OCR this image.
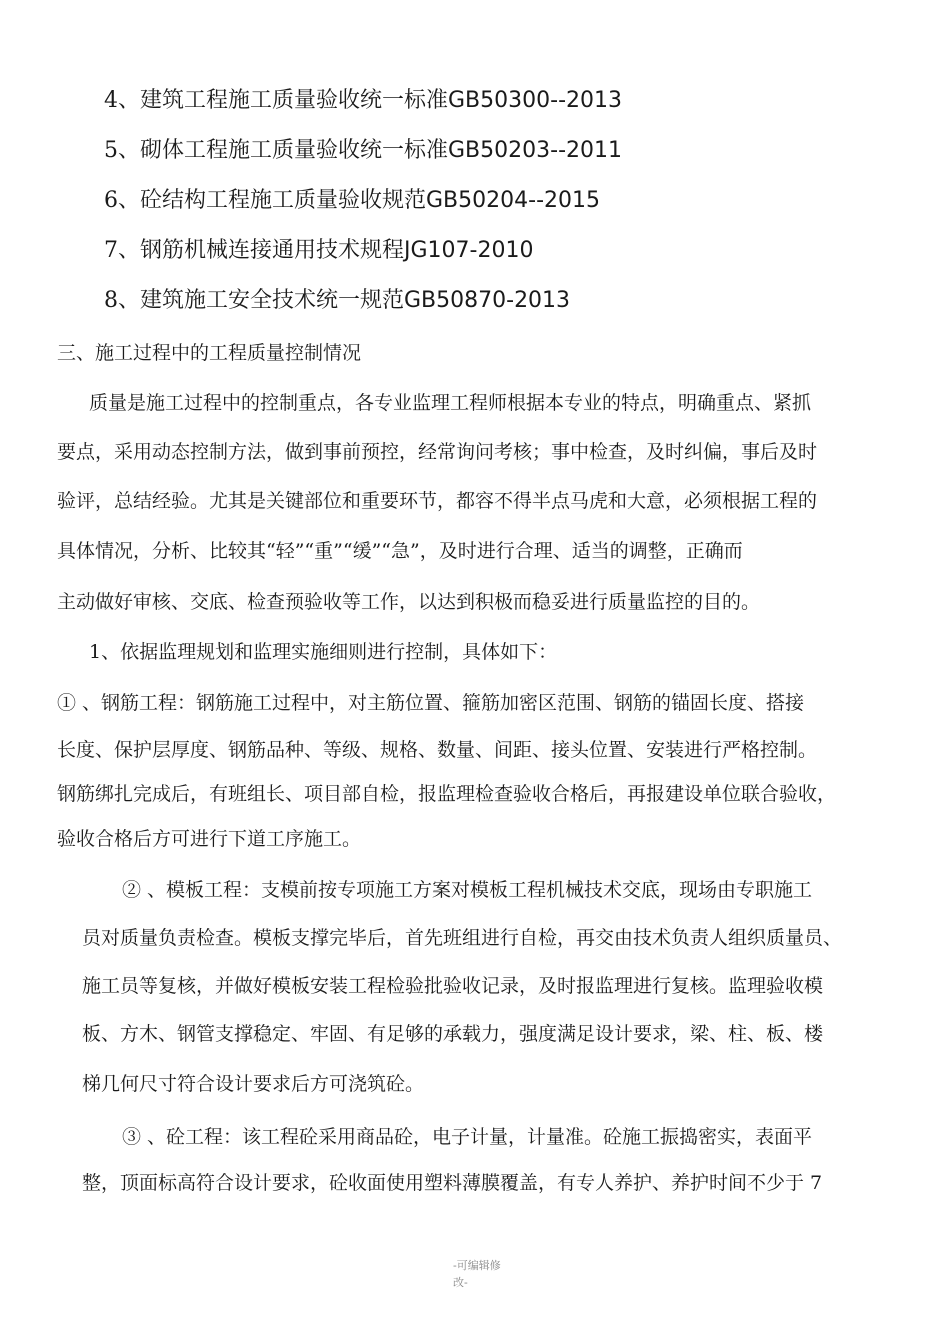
4、建筑工程施工质量验收统一标准GB50300--2013
5、砌体工程施工质量验收统一标准GB50203--2011
6、砼结构工程施工质量验收规范GB50204--2015
7、钢筋机械连接通用技术规程JG107-2010
8、建筑施工安全技术统一规范GB50870-2013
三、施工过程中的工程质量控制情况
质量是施工过程中的控制重点，各专业监理工程师根据本专业的特点，明确重点、紧抓
要点，采用动态控制方法，做到事前预控，经常询问考核；事中检查，及时纠偏，事后及时
验评，总结经验。尤其是关键部位和重要环节，都容不得半点马虎和大意，必须根据工程的
具体情况，分析、比较其“轻”“重”“缓”“急”，及时进行合理、适当的调整，正确而
主动做好审核、交底、检查预验收等工作，以达到积极而稳妥进行质量监控的目的。
1、依据监理规划和监理实施细则进行控制，具体如下：
① 、钢筋工程：钢筋施工过程中，对主筋位置、箍筋加密区范围、钢筋的锚固长度、搭接
长度、保护层厚度、钢筋品种、等级、规格、数量、间距、接头位置、安装进行严格控制。
钢筋绑扎完成后，有班组长、项目部自检，报监理检查验收合格后，再报建设单位联合验收，
验收合格后方可进行下道工序施工。
② 、模板工程：支模前按专项施工方案对模板工程机械技术交底，现场由专职施工
员对质量负责检查。模板支撑完毕后，首先班组进行自检，再交由技术负责人组织质量员、
施工员等复核，并做好模板安装工程检验批验收记录，及时报监理进行复核。监理验收模
板、方木、钢管支撑稳定、牢固、有足够的承载力，强度满足设计要求，梁、柱、板、楼
梯几何尺寸符合设计要求后方可浇筑砼。
③ 、砼工程：该工程砼采用商品砼，电子计量，计量准。砼施工振捣密实，表面平
整，顶面标高符合设计要求，砼收面使用塑料薄膜覆盖，有专人养护、养护时间不少于 7
-可编辑修
改-
